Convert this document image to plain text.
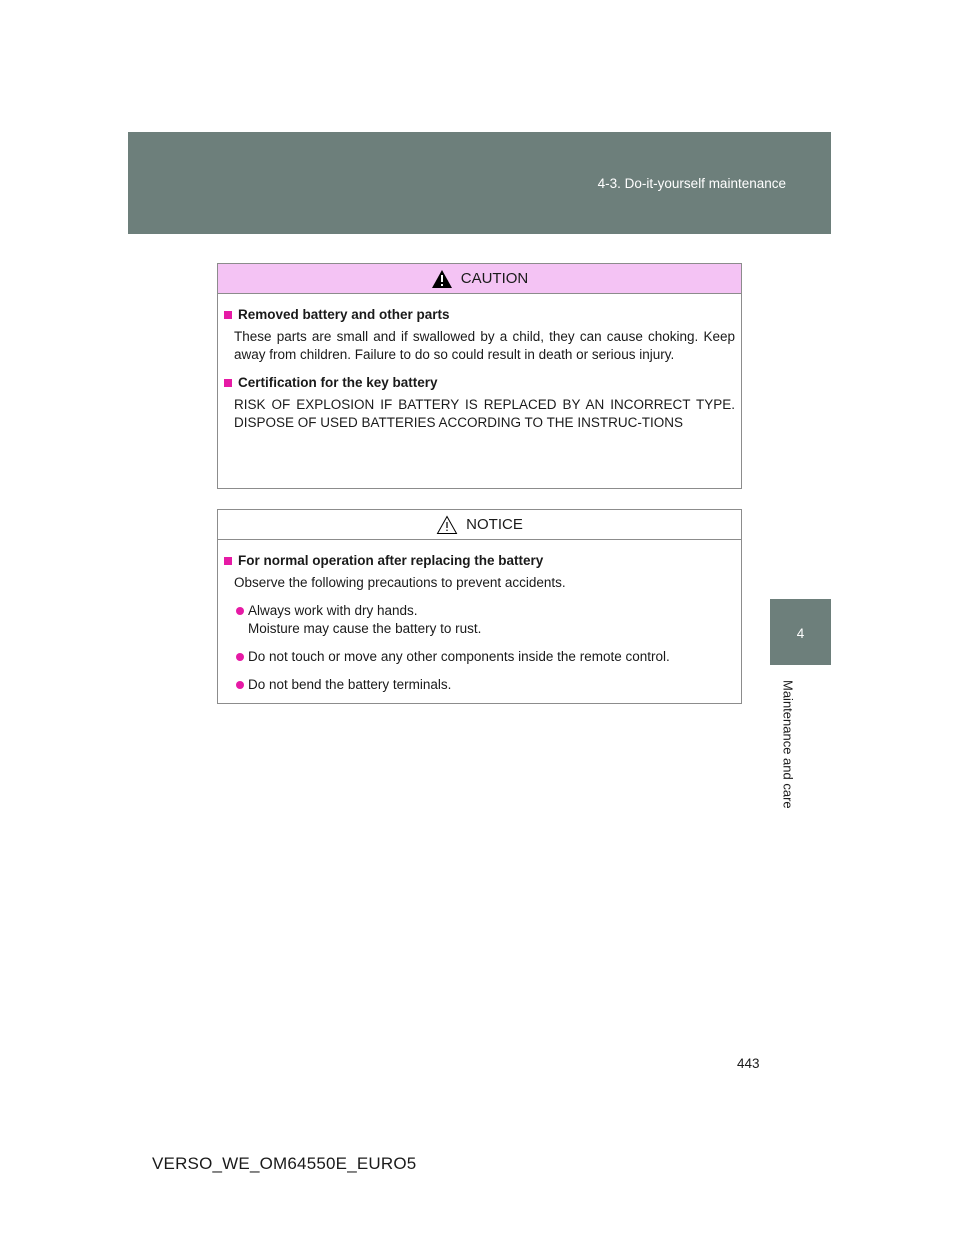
4-3. Do-it-yourself maintenance
4
Maintenance and care
CAUTION
Removed battery and other parts
These parts are small and if swallowed by a child, they can cause choking. Keep away from children. Failure to do so could result in death or serious injury.
Certification for the key battery
RISK OF EXPLOSION IF BATTERY IS REPLACED BY AN INCORRECT TYPE. DISPOSE OF USED BATTERIES ACCORDING TO THE INSTRUC-TIONS
NOTICE
For normal operation after replacing the battery
Observe the following precautions to prevent accidents.
Always work with dry hands.
Moisture may cause the battery to rust.
Do not touch or move any other components inside the remote control.
Do not bend the battery terminals.
443
VERSO_WE_OM64550E_EURO5
